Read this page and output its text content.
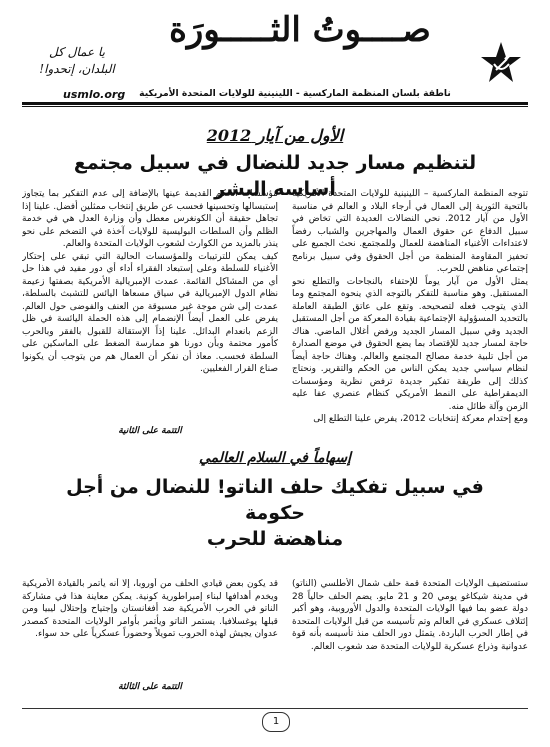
صــــوتُ الثـــــورَة
يا عمال كل البلدان، إتحدوا!
ناطقة بلسان المنظمة الماركسية - اللينينية للولايات المتحدة الأمريكية
usmlo.org
الأول من آيار 2012
لتنظيم مسار جديد للنضال في سبيل مجتمع أساسه البشر

تتوجه المنظمة الماركسية – اللينينية للولايات المتحدة الأمريكية بالتحية الثورية إلى العمال في أرجاء البلاد و العالم في مناسبة الأول من آيار 2012. نحي النضالات العديدة التي تخاض في سبيل الدفاع عن حقوق العمال والمهاجرين والشباب رفضاً لاعتداءات الأغنياء المناهضة للعمال وللمجتمع. نحث الجميع على تحفيز المقاومة المنظمة من أجل الحقوق وفي سبيل برنامج إجتماعي مناهض للحرب.

يمثل الأول من آيار يوماً للإحتفاء بالنجاحات والتطلع نحو المستقبل. وهو مناسبة للتفكر بالتوجه الذي ينحوه المجتمع وما الذي يتوجب فعله لتصحيحه. وتقع على عاتق الطبقة العاملة بالتحديد المسؤولية الإجتماعية بقيادة المعركة من أجل المستقبل الجديد وفي سبيل المسار الجديد ورفض أغلال الماضي. هناك حاجة لمسار جديد للإقتصاد بما يضع الحقوق في موضع الصدارة من أجل تلبية خدمة مصالح المجتمع والعالم. وهناك حاجة أيضاً لنظام سياسي جديد يمكن الناس من الحكم والتقرير. ونحتاج كذلك إلى طريقة تفكير جديدة ترفض نظرية ومؤسسات الديمقراطية على النمط الأمريكي كنظام عنصري عفا عليه الزمن وآلة طائل منه.

ومع إحتدام معركة إنتخابات 2012، يفرض علينا التطلع إلى

مؤسسات الحكم القديمة عينها بالإضافة إلى عدم التفكير بما يتجاوز إستبسالها وتحسينها فحسب عن طريق إنتخاب ممثلين أفضل. علينا إذا تجاهل حقيقة أن الكونغرس معطل وأن وزارة العدل هي في خدمة الظلم وأن السلطات البوليسية للولايات آخذة في التضخم على نحو ينذر بالمزيد من الكوارث لشعوب الولايات المتحدة والعالم.

كيف يمكن للترتيبات وللمؤسسات الحالية التي تبقي على إحتكار الأغنياء للسلطة وعلى إستبعاد الفقراء أداء أي دور مفيد في هذا حل أي من المشاكل القائمة. عمدت الإمبريالية الأمريكية بصفتها زعيمة نظام الدول الإمبريالية في سياق مسعاها اليائس للتشبث بالسلطة، عمدت إلى شن موجة غير مسبوقة من العنف والفوضى حول العالم. يفرض على العمل أيضاً الإنضمام إلى هذه الحملة اليائسة في ظل الزعم بانعدام البدائل. علينا إذاً الإستقالة للقبول بالفقر وبالحرب كأمور محتمة وبأن دورنا هو ممارسة الضغط على الماسكين على السلطة فحسب. معاذ أن نفكر أن العمال هم من يتوجب أن يكونوا صناع القرار الفعليين.

التتمة على الثانية
إسهاماً في السلام العالمي
في سبيل تفكيك حلف الناتو! للنضال من أجل حكومة
مناهضة للحرب

ستستضيف الولايات المتحدة قمة حلف شمال الأطلسي (الناتو) في مدينة شيكاغو يومي 20 و 21 مايو. يضم الحلف حالياً 28 دولة عضو بما فيها الولايات المتحدة والدول الأوروبية، وهو أكبر إئتلاف عسكري في العالم وتم تأسيسه من قبل الولايات المتحدة في إطار الحرب الباردة. يتمثل دور الحلف منذ تأسيسه بأنه قوة عدوانية وذراع عسكرية للولايات المتحدة ضد شعوب العالم.

قد يكون بعض قيادي الحلف من أوروبا، إلا أنه يأتمر بالقيادة الأمريكية ويخدم أهدافها لبناء إمبراطورية كونية. يمكن معاينة هذا في مشاركة الناتو في الحرب الأمريكية ضد أفغانستان وإجتياح وإحتلال ليبيا ومن قبلها يوغسلافيا. يستمر الناتو ويأتمر بأوامر الولايات المتحدة كمصدر عدوان يجيش لهذه الحروب تمويلاً وحضوراً عسكرياً على حد سواء.

التتمة على الثالثة
1
